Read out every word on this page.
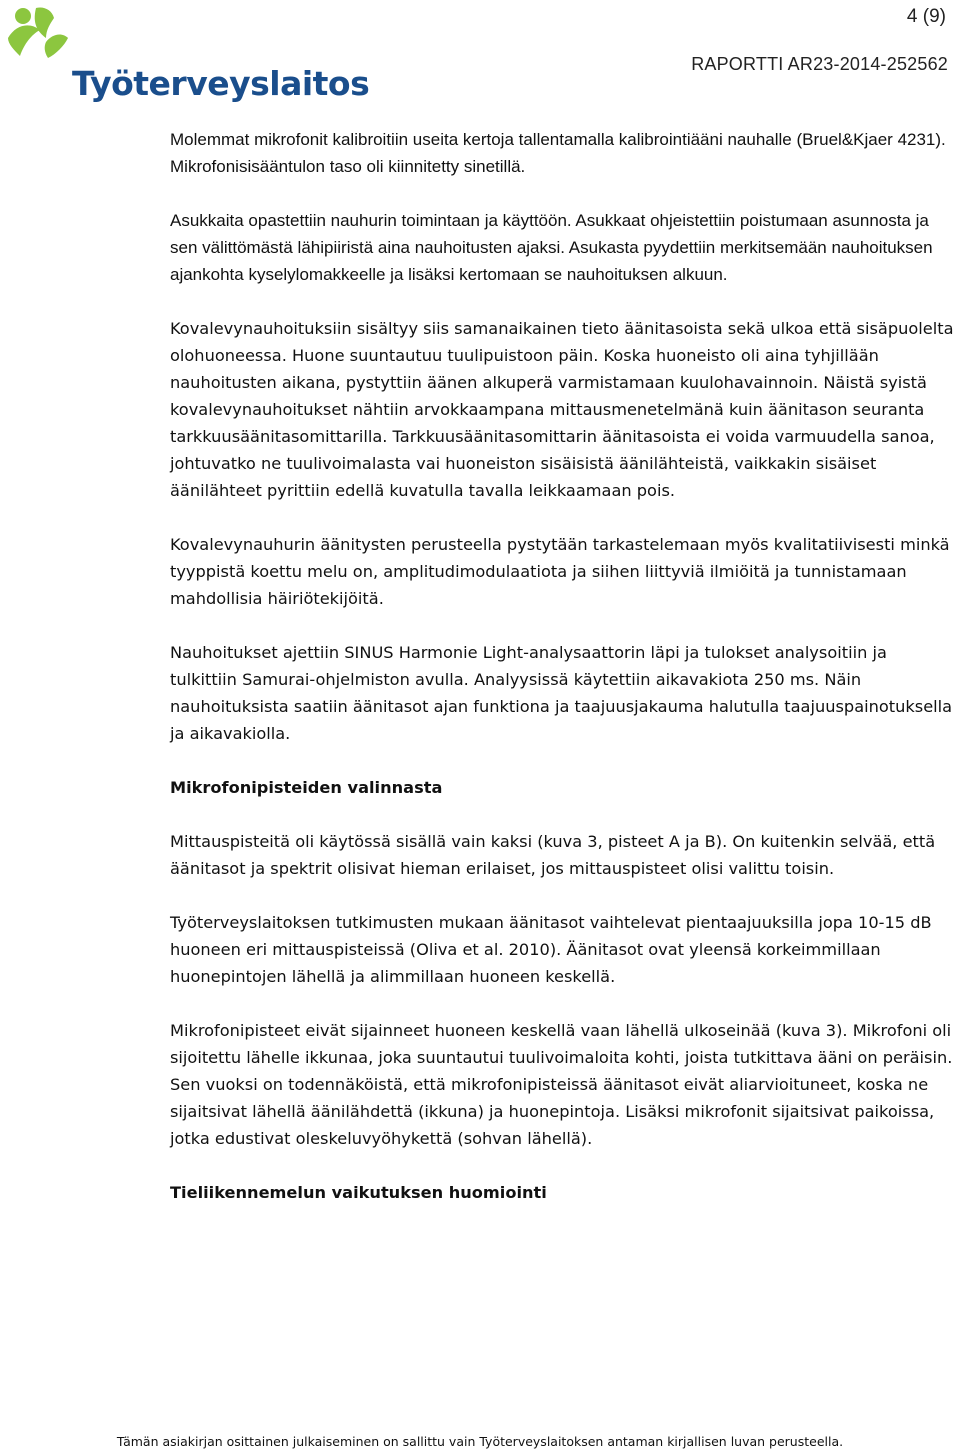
Työterveyslaitos
4 (9)
RAPORTTI AR23-2014-252562

Molemmat mikrofonit kalibroitiin useita kertoja tallentamalla kalibrointiääni nauhalle (Bruel&Kjaer 4231). Mikrofonisisääntulon taso oli kiinnitetty sinetillä.

Asukkaita opastettiin nauhurin toimintaan ja käyttöön. Asukkaat ohjeistettiin poistumaan asunnosta ja sen välittömästä lähipiiristä aina nauhoitusten ajaksi. Asukasta pyydettiin merkitsemään nauhoituksen ajankohta kyselylomakkeelle ja lisäksi kertomaan se nauhoituksen alkuun.

Kovalevynauhoituksiin sisältyy siis samanaikainen tieto äänitasoista sekä ulkoa että sisäpuolelta olohuoneessa. Huone suuntautuu tuulipuistoon päin. Koska huoneisto oli aina tyhjillään nauhoitusten aikana, pystyttiin äänen alkuperä varmistamaan kuulohavainnoin. Näistä syistä kovalevynauhoitukset nähtiin arvokkaampana mittausmenetelmänä kuin äänitason seuranta tarkkuusäänitasomittarilla. Tarkkuusäänitasomittarin äänitasoista ei voida varmuudella sanoa, johtuvatko ne tuulivoimalasta vai huoneiston sisäisistä äänilähteistä, vaikkakin sisäiset äänilähteet pyrittiin edellä kuvatulla tavalla leikkaamaan pois.

Kovalevynauhurin äänitysten perusteella pystytään tarkastelemaan myös kvalitatiivisesti minkä tyyppistä koettu melu on, amplitudimodulaatiota ja siihen liittyviä ilmiöitä ja tunnistamaan mahdollisia häiriötekijöitä.

Nauhoitukset ajettiin SINUS Harmonie Light-analysaattorin läpi ja tulokset analysoitiin ja tulkittiin Samurai-ohjelmiston avulla. Analyysissä käytettiin aikavakiota 250 ms. Näin nauhoituksista saatiin äänitasot ajan funktiona ja taajuusjakauma halutulla taajuuspainotuksella ja aikavakiolla.

Mikrofonipisteiden valinnasta

Mittauspisteitä oli käytössä sisällä vain kaksi (kuva 3, pisteet A ja B). On kuitenkin selvää, että äänitasot ja spektrit olisivat hieman erilaiset, jos mittauspisteet olisi valittu toisin.

Työterveyslaitoksen tutkimusten mukaan äänitasot vaihtelevat pientaajuuksilla jopa 10-15 dB huoneen eri mittauspisteissä (Oliva et al. 2010). Äänitasot ovat yleensä korkeimmillaan huonepintojen lähellä ja alimmillaan huoneen keskellä.

Mikrofonipisteet eivät sijainneet huoneen keskellä vaan lähellä ulkoseinää (kuva 3). Mikrofoni oli sijoitettu lähelle ikkunaa, joka suuntautui tuulivoimaloita kohti, joista tutkittava ääni on peräisin. Sen vuoksi on todennäköistä, että mikrofonipisteissä äänitasot eivät aliarvioituneet, koska ne sijaitsivat lähellä äänilähdettä (ikkuna) ja huonepintoja. Lisäksi mikrofonit sijaitsivat paikoissa, jotka edustivat oleskeluvyöhykettä (sohvan lähellä).

Tieliikennemelun vaikutuksen huomiointi

Tämän asiakirjan osittainen julkaiseminen on sallittu vain Työterveyslaitoksen antaman kirjallisen luvan perusteella.
